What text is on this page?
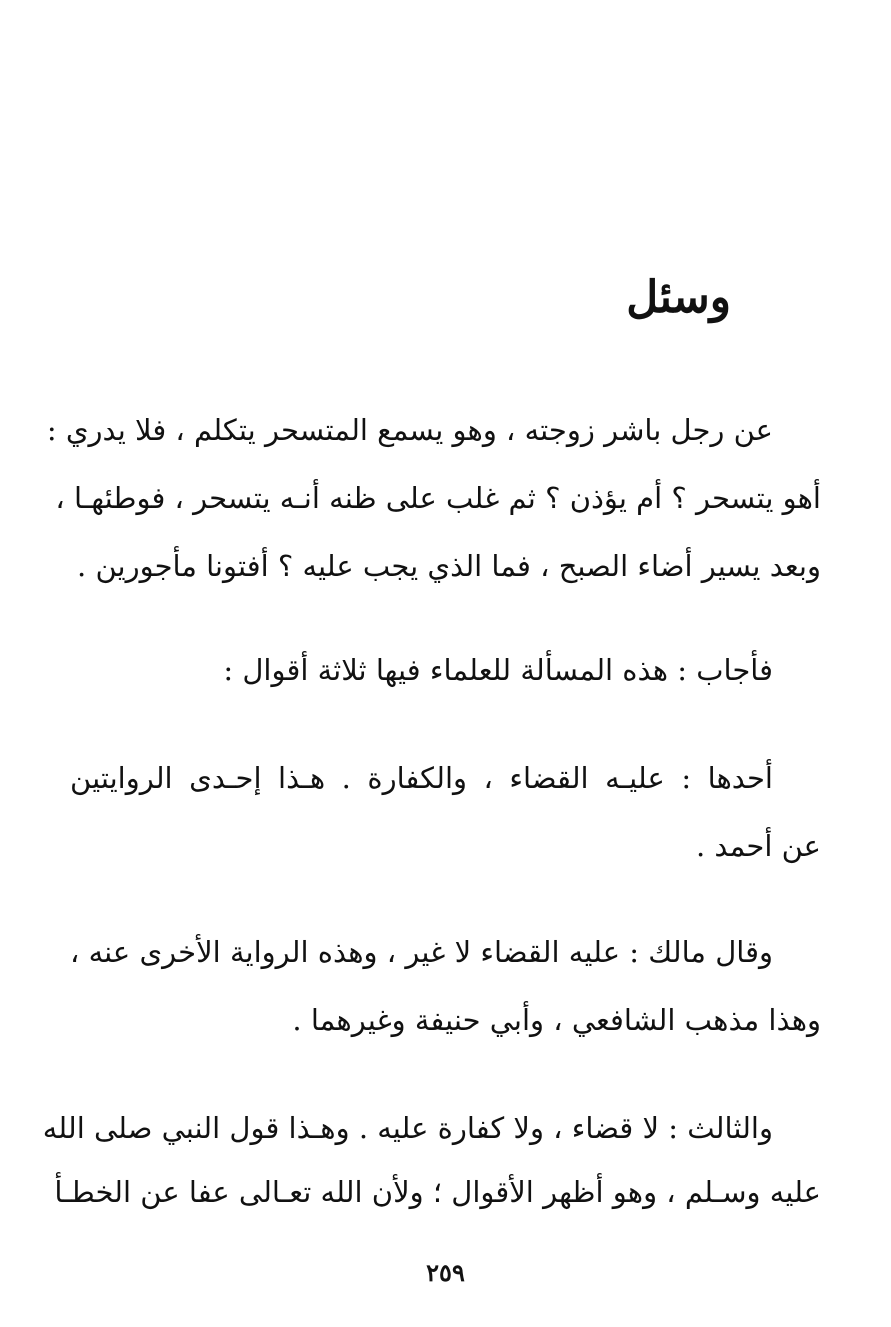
وسئل
عن رجل باشر زوجته ، وهو يسمع المتسحر يتكلم ، فلا يدري :
أهو يتسحر ؟ أم يؤذن ؟ ثم غلب على ظنه أنـه يتسحر ، فوطئهـا ،
وبعد يسير أضاء الصبح ، فما الذي يجب عليه ؟ أفتونا مأجورين .
فأجاب : هذه المسألة للعلماء فيها ثلاثة أقوال :
أحدها : عليـه القضاء ، والكفارة . هـذا إحـدى الروايتين
عن أحمد .
وقال مالك : عليه القضاء لا غير ، وهذه الرواية الأخرى عنه ،
وهذا مذهب الشافعي ، وأبي حنيفة وغيرهما .
والثالث : لا قضاء ، ولا كفارة عليه . وهـذا قول النبي صلى الله
عليه وسـلم ، وهو أظهر الأقوال ؛ ولأن الله تعـالى عفا عن الخطـأ
٢٥٩
